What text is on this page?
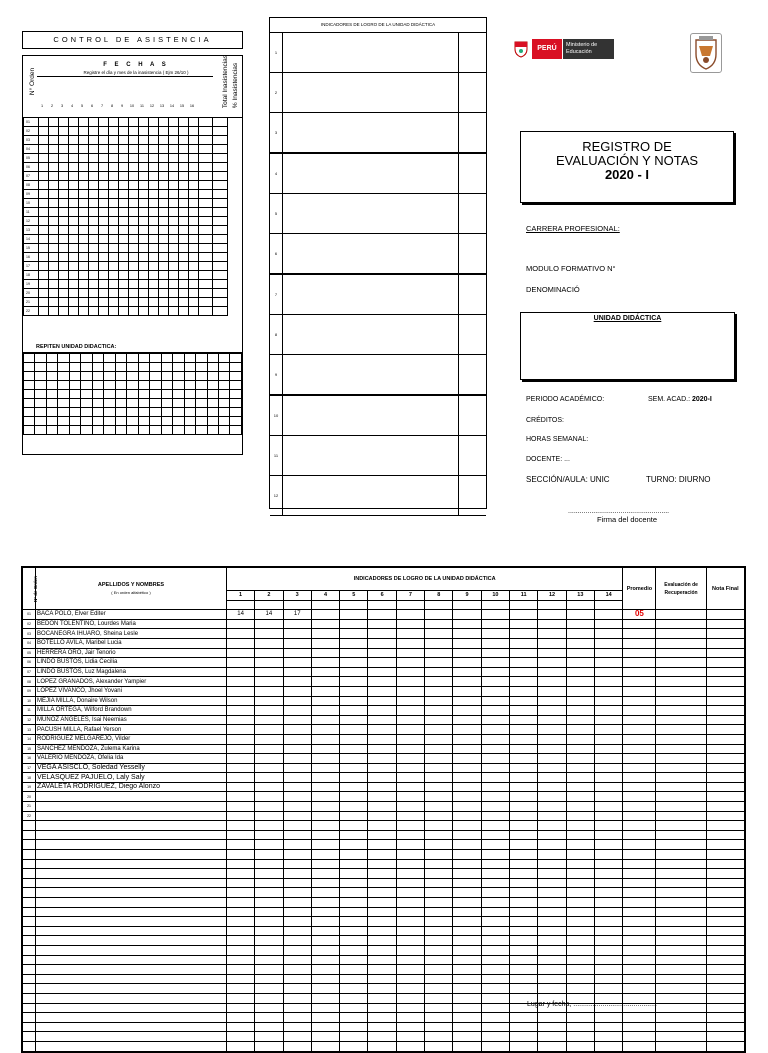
CONTROL DE ASISTENCIA
N° Orden
F E C H A S
Registre el día y mes de la inasistencia ( Ejm 26/10 )	Total Inasistencias % Inasistencias
1 2 3 4 5 6 7 8 9 10 11 12 13 14 15 16
01																		
02																		
03																		
04																		
05																		
06																		
07																		
08																		
09																		
10																		
11																		
12																		
13																		
14																		
15																		
16																		
17																		
18																		
19																		
20																		
21																		
22																		
REPITEN UNIDAD DIDACTICA:

INDICADORES DE LOGRO DE LA UNIDAD DIDÁCTICA
1
2
3
4
5
6
7
8
9
10
11
12
PERÚ	Ministerio de Educación
REGISTRO DE
EVALUACIÓN Y NOTAS
2020 - I
CARRERA PROFESIONAL:
MODULO FORMATIVO N°
DENOMINACIÓ
UNIDAD DIDÁCTICA
PERIODO ACADÉMICO:	SEM. ACAD.: 2020-I
CRÉDITOS:
HORAS SEMANAL:
DOCENTE: ...
SECCIÓN/AULA: UNIC	TURNO: DIURNO
....................................................
Firma del docente
N° de Orden	APELLIDOS Y NOMBRES
( En orden alfabético )	INDICADORES DE LOGRO DE LA UNIDAD DIDÁCTICA														Promedio	Evaluación de Recuperación	Nota Final
		1	2	3	4	5	6	7	8	9	10	11	12	13	14			

01	BACA POLO, Elver Editer	14	14	17												05		
02	BEDON TOLENTINO, Lourdes Maria																	
03	BOCANEGRA IHUARO, Sheina Lesle																	
04	BOTELLO AVILA, Maribel Lucia																	
05	HERRERA ORO, Jair Tenorio																	
06	LINDO BUSTOS, Lidia Cecilia																	
07	LINDO BUSTOS, Luz Magdalena																	
08	LOPEZ GRANADOS, Alexander Yampier																	
09	LOPEZ VIVANCO, Jhoel Yovani																	
10	MEJIA MILLA, Donaire Wilson																	
11	MILLA ORTEGA, Wilford Brandown																	
12	MUÑOZ ANGELES, Isai Neemias																	
13	PACUSH MILLA, Rafael Yerson																	
14	RODRIGUEZ MELGAREJO, Vilder																	
15	SANCHEZ MENDOZA, Zulema Karina																	
16	VALERIO MENDOZA, Ofelia Ida																	
17	VEGA ASISCLO, Soledad Yesselly																	
18	VELASQUEZ PAJUELO, Laly Saly																	
19	ZAVALETA RODRIGUEZ, Diego Alonzo																	
20																		
21																		
22																		

Lugar y fecha, ...........................................
